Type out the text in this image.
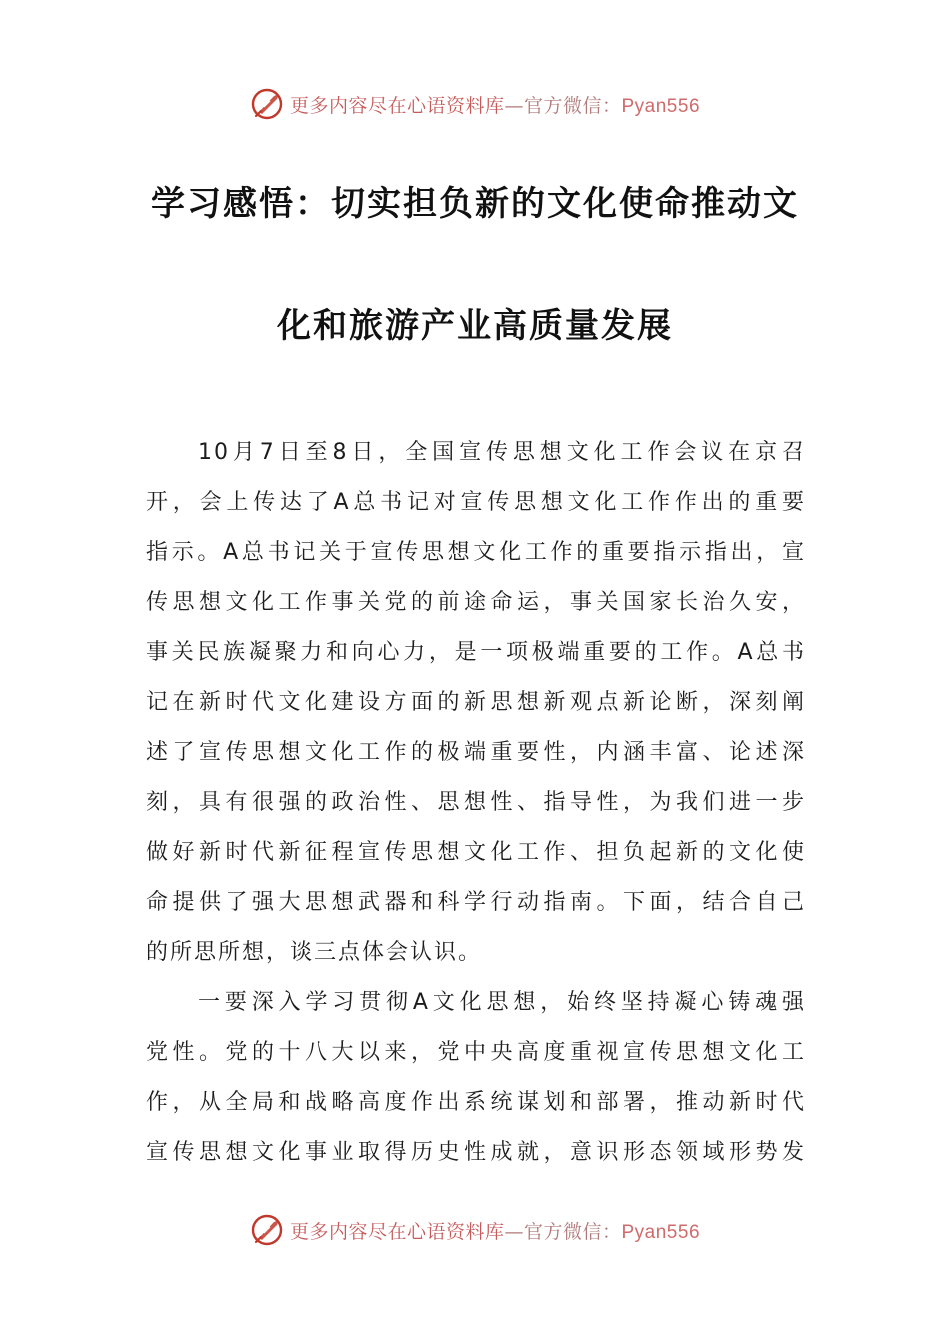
更多内容尽在心语资料库—官方微信：Pyan556
学习感悟：切实担负新的文化使命推动文
化和旅游产业高质量发展
10月7日至8日，全国宣传思想文化工作会议在京召
开，会上传达了A总书记对宣传思想文化工作作出的重要
指示。A总书记关于宣传思想文化工作的重要指示指出，宣
传思想文化工作事关党的前途命运，事关国家长治久安，
事关民族凝聚力和向心力，是一项极端重要的工作。A总书
记在新时代文化建设方面的新思想新观点新论断，深刻阐
述了宣传思想文化工作的极端重要性，内涵丰富、论述深
刻，具有很强的政治性、思想性、指导性，为我们进一步
做好新时代新征程宣传思想文化工作、担负起新的文化使
命提供了强大思想武器和科学行动指南。下面，结合自己
的所思所想，谈三点体会认识。
一要深入学习贯彻A文化思想，始终坚持凝心铸魂强
党性。党的十八大以来，党中央高度重视宣传思想文化工
作，从全局和战略高度作出系统谋划和部署，推动新时代
宣传思想文化事业取得历史性成就，意识形态领域形势发
更多内容尽在心语资料库—官方微信：Pyan556
